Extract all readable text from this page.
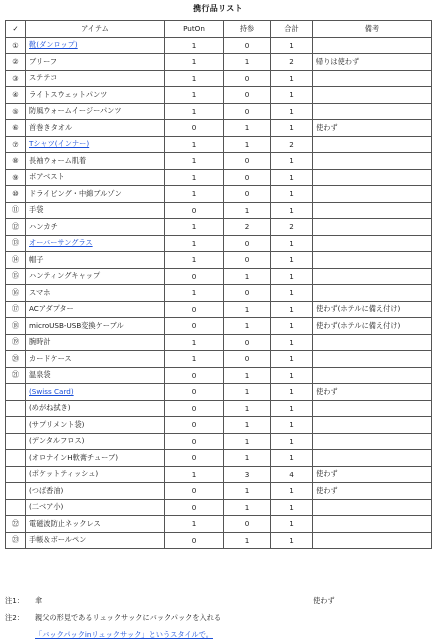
携行品リスト
✓	アイテム	PutOn	持参	合計	備考
①	靴(ダンロップ)	1	0	1	
②	ブリーフ	1	1	2	帰りは使わず
③	ステテコ	1	0	1	
④	ライトスウェットパンツ	1	0	1	
⑤	防風ウォームイージーパンツ	1	0	1	
⑥	首巻きタオル	0	1	1	使わず
⑦	Tシャツ(インナー)	1	1	2	
⑧	長袖ウォーム肌着	1	0	1	
⑨	ボアベスト	1	0	1	
⑩	ドライビング・中綿ブルゾン	1	0	1	
⑪	手袋	0	1	1	
⑫	ハンカチ	1	2	2	
⑬	オーバーサングラス	1	0	1	
⑭	帽子	1	0	1	
⑮	ハンティングキャップ	0	1	1	
⑯	スマホ	1	0	1	
⑰	ACアダプター	0	1	1	使わず(ホテルに備え付け)
⑱	microUSB-USB変換ケーブル	0	1	1	使わず(ホテルに備え付け)
⑲	腕時計	1	0	1	
⑳	カードケース	1	0	1	
㉑	温泉袋	0	1	1	
	(Swiss Card)	0	1	1	使わず
	(めがね拭き)	0	1	1	
	(サプリメント袋)	0	1	1	
	(デンタルフロス)	0	1	1	
	(オロナインH軟膏チューブ)	0	1	1	
	(ポケットティッシュ)	1	3	4	使わず
	(つば香油)	0	1	1	使わず
	(二ベア小)	0	1	1	
㉒	電磁波防止ネックレス	1	0	1	
㉓	手帳＆ボールペン	0	1	1	
注1： 傘	使わず
注2： 親父の形見であるリュックサックにバックパックを入れる
「バックパックinリュックサック」というスタイルで。
